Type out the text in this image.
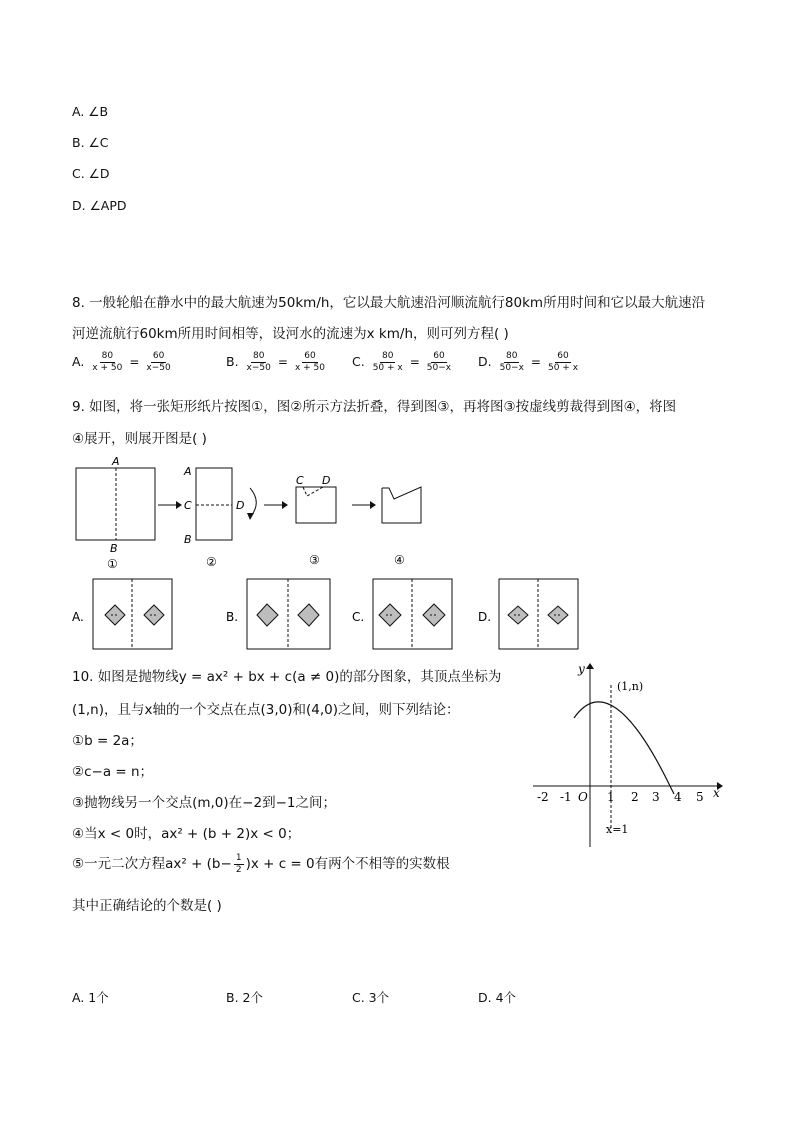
A. ∠B
B. ∠C
C. ∠D
D. ∠APD
8. 一般轮船在静水中的最大航速为50km/h，它以最大航速沿河顺流航行80km所用时间和它以最大航速沿
河逆流航行60km所用时间相等，设河水的流速为x km/h，则可列方程( )
A. $\frac{80}{x + 50} = \frac{60}{x-50}$	B. $\frac{80}{x-50} = \frac{60}{x + 50} C$. $\frac{80}{50 + x} = \frac{60}{50-x} D$. $\frac{80}{50-x} = \frac{60}{50 + x}$
9. 如图，将一张矩形纸片按图①，图②所示方法折叠，得到图③，再将图③按虚线剪裁得到图④，将图
④展开，则展开图是( )
A
B
A
C
B
D
C D
①	②	③	④
A.	B.	C.	D.
10. 如图是抛物线y = ax² + bx + c(a ≠ 0)的部分图象，其顶点坐标为
(1,n)，且与x轴的一个交点在点(3,0)和(4,0)之间，则下列结论：
①b = 2a；
②c−a = n；
③抛物线另一个交点(m,0)在−2到−1之间；
④当x < 0时，ax² + (b + 2)x < 0；
⑤一元二次方程$ax^2 + (b- \frac{1}{2} )x + c = 0$有两个不相等的实数根
其中正确结论的个数是( )
y
x
(1,n)
-2 -1 O 1 2 3 4 5
x=1
A. 1个	B. 2个	C. 3个	D. 4个
